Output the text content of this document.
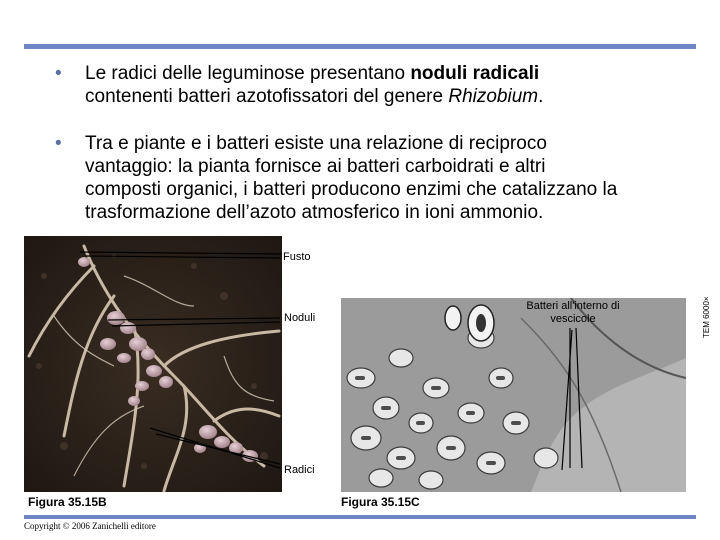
• Le radici delle leguminose presentano noduli radicali
contenenti batteri azotofissatori del genere Rhizobium.
• Tra e piante e i batteri esiste una relazione di reciproco
vantaggio: la pianta fornisce ai batteri carboidrati e altri
composti organici, i batteri producono enzimi che catalizzano la
trasformazione dell’azoto atmosferico in ioni ammonio.
Fusto
Noduli
Radici
Batteri all'interno di vescicole	TEM 6000×
Figura 35.15B	Figura 35.15C
Copyright © 2006 Zanichelli editore
